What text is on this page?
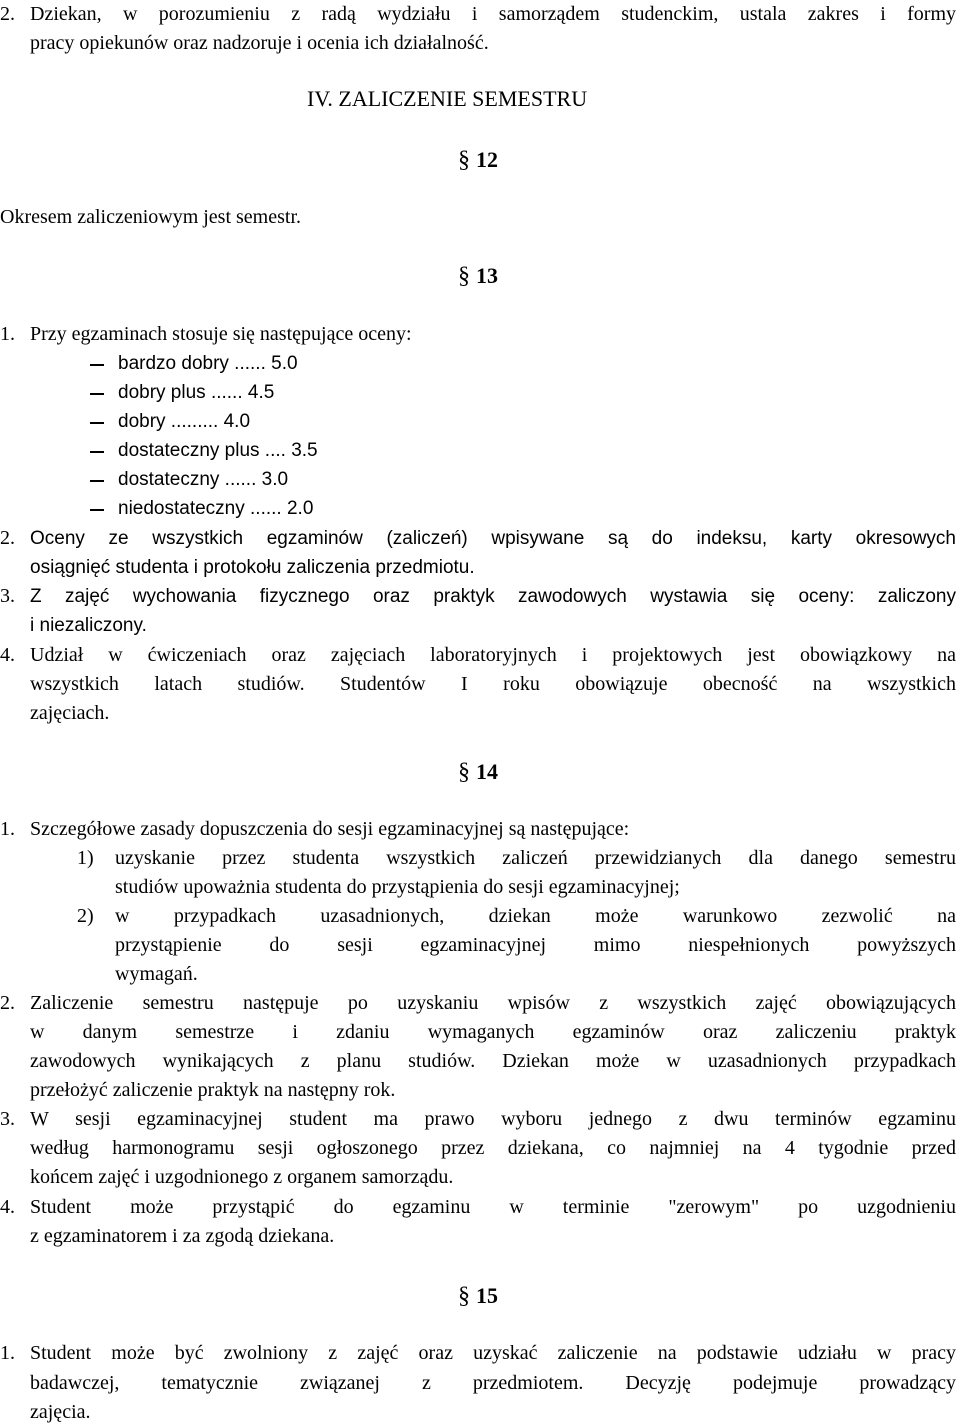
2. Dziekan, w porozumieniu z radą wydziału i samorządem studenckim, ustala zakres i formy
pracy opiekunów oraz nadzoruje i ocenia ich działalność.
IV. ZALICZENIE SEMESTRU
§ 12
Okresem zaliczeniowym jest semestr.
§ 13
1. Przy egzaminach stosuje się następujące oceny:
bardzo dobry ...... 5.0
dobry plus ...... 4.5
dobry ......... 4.0
dostateczny plus .... 3.5
dostateczny ...... 3.0
niedostateczny ...... 2.0
2. Oceny ze wszystkich egzaminów (zaliczeń) wpisywane są do indeksu, karty okresowych
osiągnięć studenta i protokołu zaliczenia przedmiotu.
3. Z zajęć wychowania fizycznego oraz praktyk zawodowych wystawia się oceny: zaliczony
i niezaliczony.
4. Udział w ćwiczeniach oraz zajęciach laboratoryjnych i projektowych jest obowiązkowy na
wszystkich latach studiów. Studentów I roku obowiązuje obecność na wszystkich
zajęciach.
§ 14
1. Szczegółowe zasady dopuszczenia do sesji egzaminacyjnej są następujące:
1) uzyskanie przez studenta wszystkich zaliczeń przewidzianych dla danego semestru
studiów upoważnia studenta do przystąpienia do sesji egzaminacyjnej;
2) w przypadkach uzasadnionych, dziekan może warunkowo zezwolić na
przystąpienie do sesji egzaminacyjnej mimo niespełnionych powyższych
wymagań.
2. Zaliczenie semestru następuje po uzyskaniu wpisów z wszystkich zajęć obowiązujących
w danym semestrze i zdaniu wymaganych egzaminów oraz zaliczeniu praktyk
zawodowych wynikających z planu studiów. Dziekan może w uzasadnionych przypadkach
przełożyć zaliczenie praktyk na następny rok.
3. W sesji egzaminacyjnej student ma prawo wyboru jednego z dwu terminów egzaminu
według harmonogramu sesji ogłoszonego przez dziekana, co najmniej na 4 tygodnie przed
końcem zajęć i uzgodnionego z organem samorządu.
4. Student może przystąpić do egzaminu w terminie "zerowym" po uzgodnieniu
z egzaminatorem i za zgodą dziekana.
§ 15
1. Student może być zwolniony z zajęć oraz uzyskać zaliczenie na podstawie udziału w pracy
badawczej, tematycznie związanej z przedmiotem. Decyzję podejmuje prowadzący
zajęcia.
